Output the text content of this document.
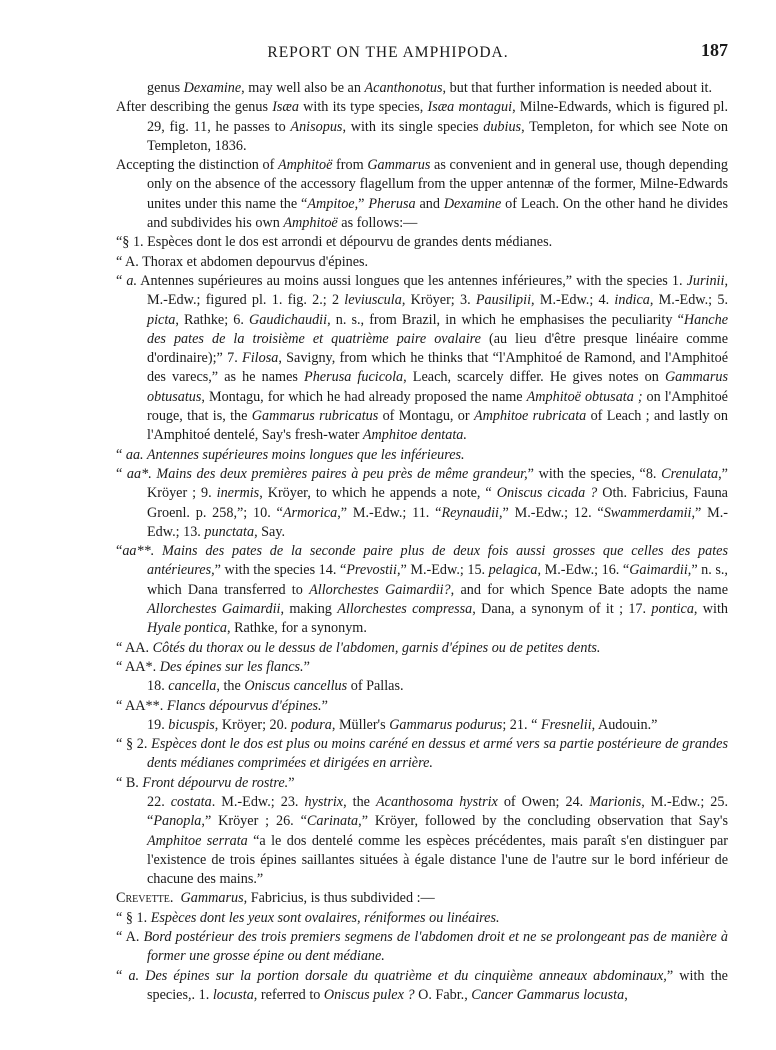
REPORT ON THE AMPHIPODA.	187

genus Dexamine, may well also be an Acanthonotus, but that further information is needed about it.

After describing the genus Isæa with its type species, Isæa montagui, Milne-Edwards, which is figured pl. 29, fig. 11, he passes to Anisopus, with its single species dubius, Templeton, for which see Note on Templeton, 1836.

Accepting the distinction of Amphitoë from Gammarus as convenient and in general use, though depending only on the absence of the accessory flagellum from the upper antennæ of the former, Milne-Edwards unites under this name the “Ampitoe,” Pherusa and Dexamine of Leach. On the other hand he divides and subdivides his own Amphitoë as follows:—

“§ 1. Espèces dont le dos est arrondi et dépourvu de grandes dents médianes.

“ A. Thorax et abdomen depourvus d'épines.

“ a. Antennes supérieures au moins aussi longues que les antennes inférieures,” with the species 1. Jurinii, M.-Edw.; figured pl. 1. fig. 2.; 2 leviuscula, Kröyer; 3. Pausilipii, M.-Edw.; 4. indica, M.-Edw.; 5. picta, Rathke; 6. Gaudichaudii, n. s., from Brazil, in which he emphasises the peculiarity “Hanche des pates de la troisième et quatrième paire ovalaire (au lieu d'être presque linéaire comme d'ordinaire);” 7. Filosa, Savigny, from which he thinks that “l'Amphitoé de Ramond, and l'Amphitoé des varecs,” as he names Pherusa fucicola, Leach, scarcely differ. He gives notes on Gammarus obtusatus, Montagu, for which he had already proposed the name Amphitoë obtusata ; on l'Amphitoé rouge, that is, the Gammarus rubricatus of Montagu, or Amphitoe rubricata of Leach ; and lastly on l'Amphitoé dentelé, Say's fresh-water Amphitoe dentata.

“ aa. Antennes supérieures moins longues que les inférieures.

“ aa*. Mains des deux premières paires à peu près de même grandeur,” with the species, “8. Crenulata,” Kröyer ; 9. inermis, Kröyer, to which he appends a note, “ Oniscus cicada ? Oth. Fabricius, Fauna Groenl. p. 258,”; 10. “Armorica,” M.-Edw.; 11. “Reynaudii,” M.-Edw.; 12. “Swammerdamii,” M.-Edw.; 13. punctata, Say.

“aa**. Mains des pates de la seconde paire plus de deux fois aussi grosses que celles des pates antérieures,” with the species 14. “Prevostii,” M.-Edw.; 15. pelagica, M.-Edw.; 16. “Gaimardii,” n. s., which Dana transferred to Allorchestes Gaimardii?, and for which Spence Bate adopts the name Allorchestes Gaimardii, making Allorchestes compressa, Dana, a synonym of it ; 17. pontica, with Hyale pontica, Rathke, for a synonym.

“ AA. Côtés du thorax ou le dessus de l'abdomen, garnis d'épines ou de petites dents.

“ AA*. Des épines sur les flancs.”

18. cancella, the Oniscus cancellus of Pallas.

“ AA**. Flancs dépourvus d'épines.”

19. bicuspis, Kröyer; 20. podura, Müller's Gammarus podurus; 21. “ Fresnelii, Audouin.”

“ § 2. Espèces dont le dos est plus ou moins caréné en dessus et armé vers sa partie postérieure de grandes dents médianes comprimées et dirigées en arrière.

“ B. Front dépourvu de rostre.”

22. costata. M.-Edw.; 23. hystrix, the Acanthosoma hystrix of Owen; 24. Marionis, M.-Edw.; 25. “Panopla,” Kröyer ; 26. “Carinata,” Kröyer, followed by the concluding observation that Say's Amphitoe serrata “a le dos dentelé comme les espèces précédentes, mais paraît s'en distinguer par l'existence de trois épines saillantes situées à égale distance l'une de l'autre sur le bord inférieur de chacune des mains.”

Crevette. Gammarus, Fabricius, is thus subdivided :—

“ § 1. Espèces dont les yeux sont ovalaires, réniformes ou linéaires.

“ A. Bord postérieur des trois premiers segmens de l'abdomen droit et ne se prolongeant pas de manière à former une grosse épine ou dent médiane.

“ a. Des épines sur la portion dorsale du quatrième et du cinquième anneaux abdominaux,” with the species,. 1. locusta, referred to Oniscus pulex ? O. Fabr., Cancer Gammarus locusta,
